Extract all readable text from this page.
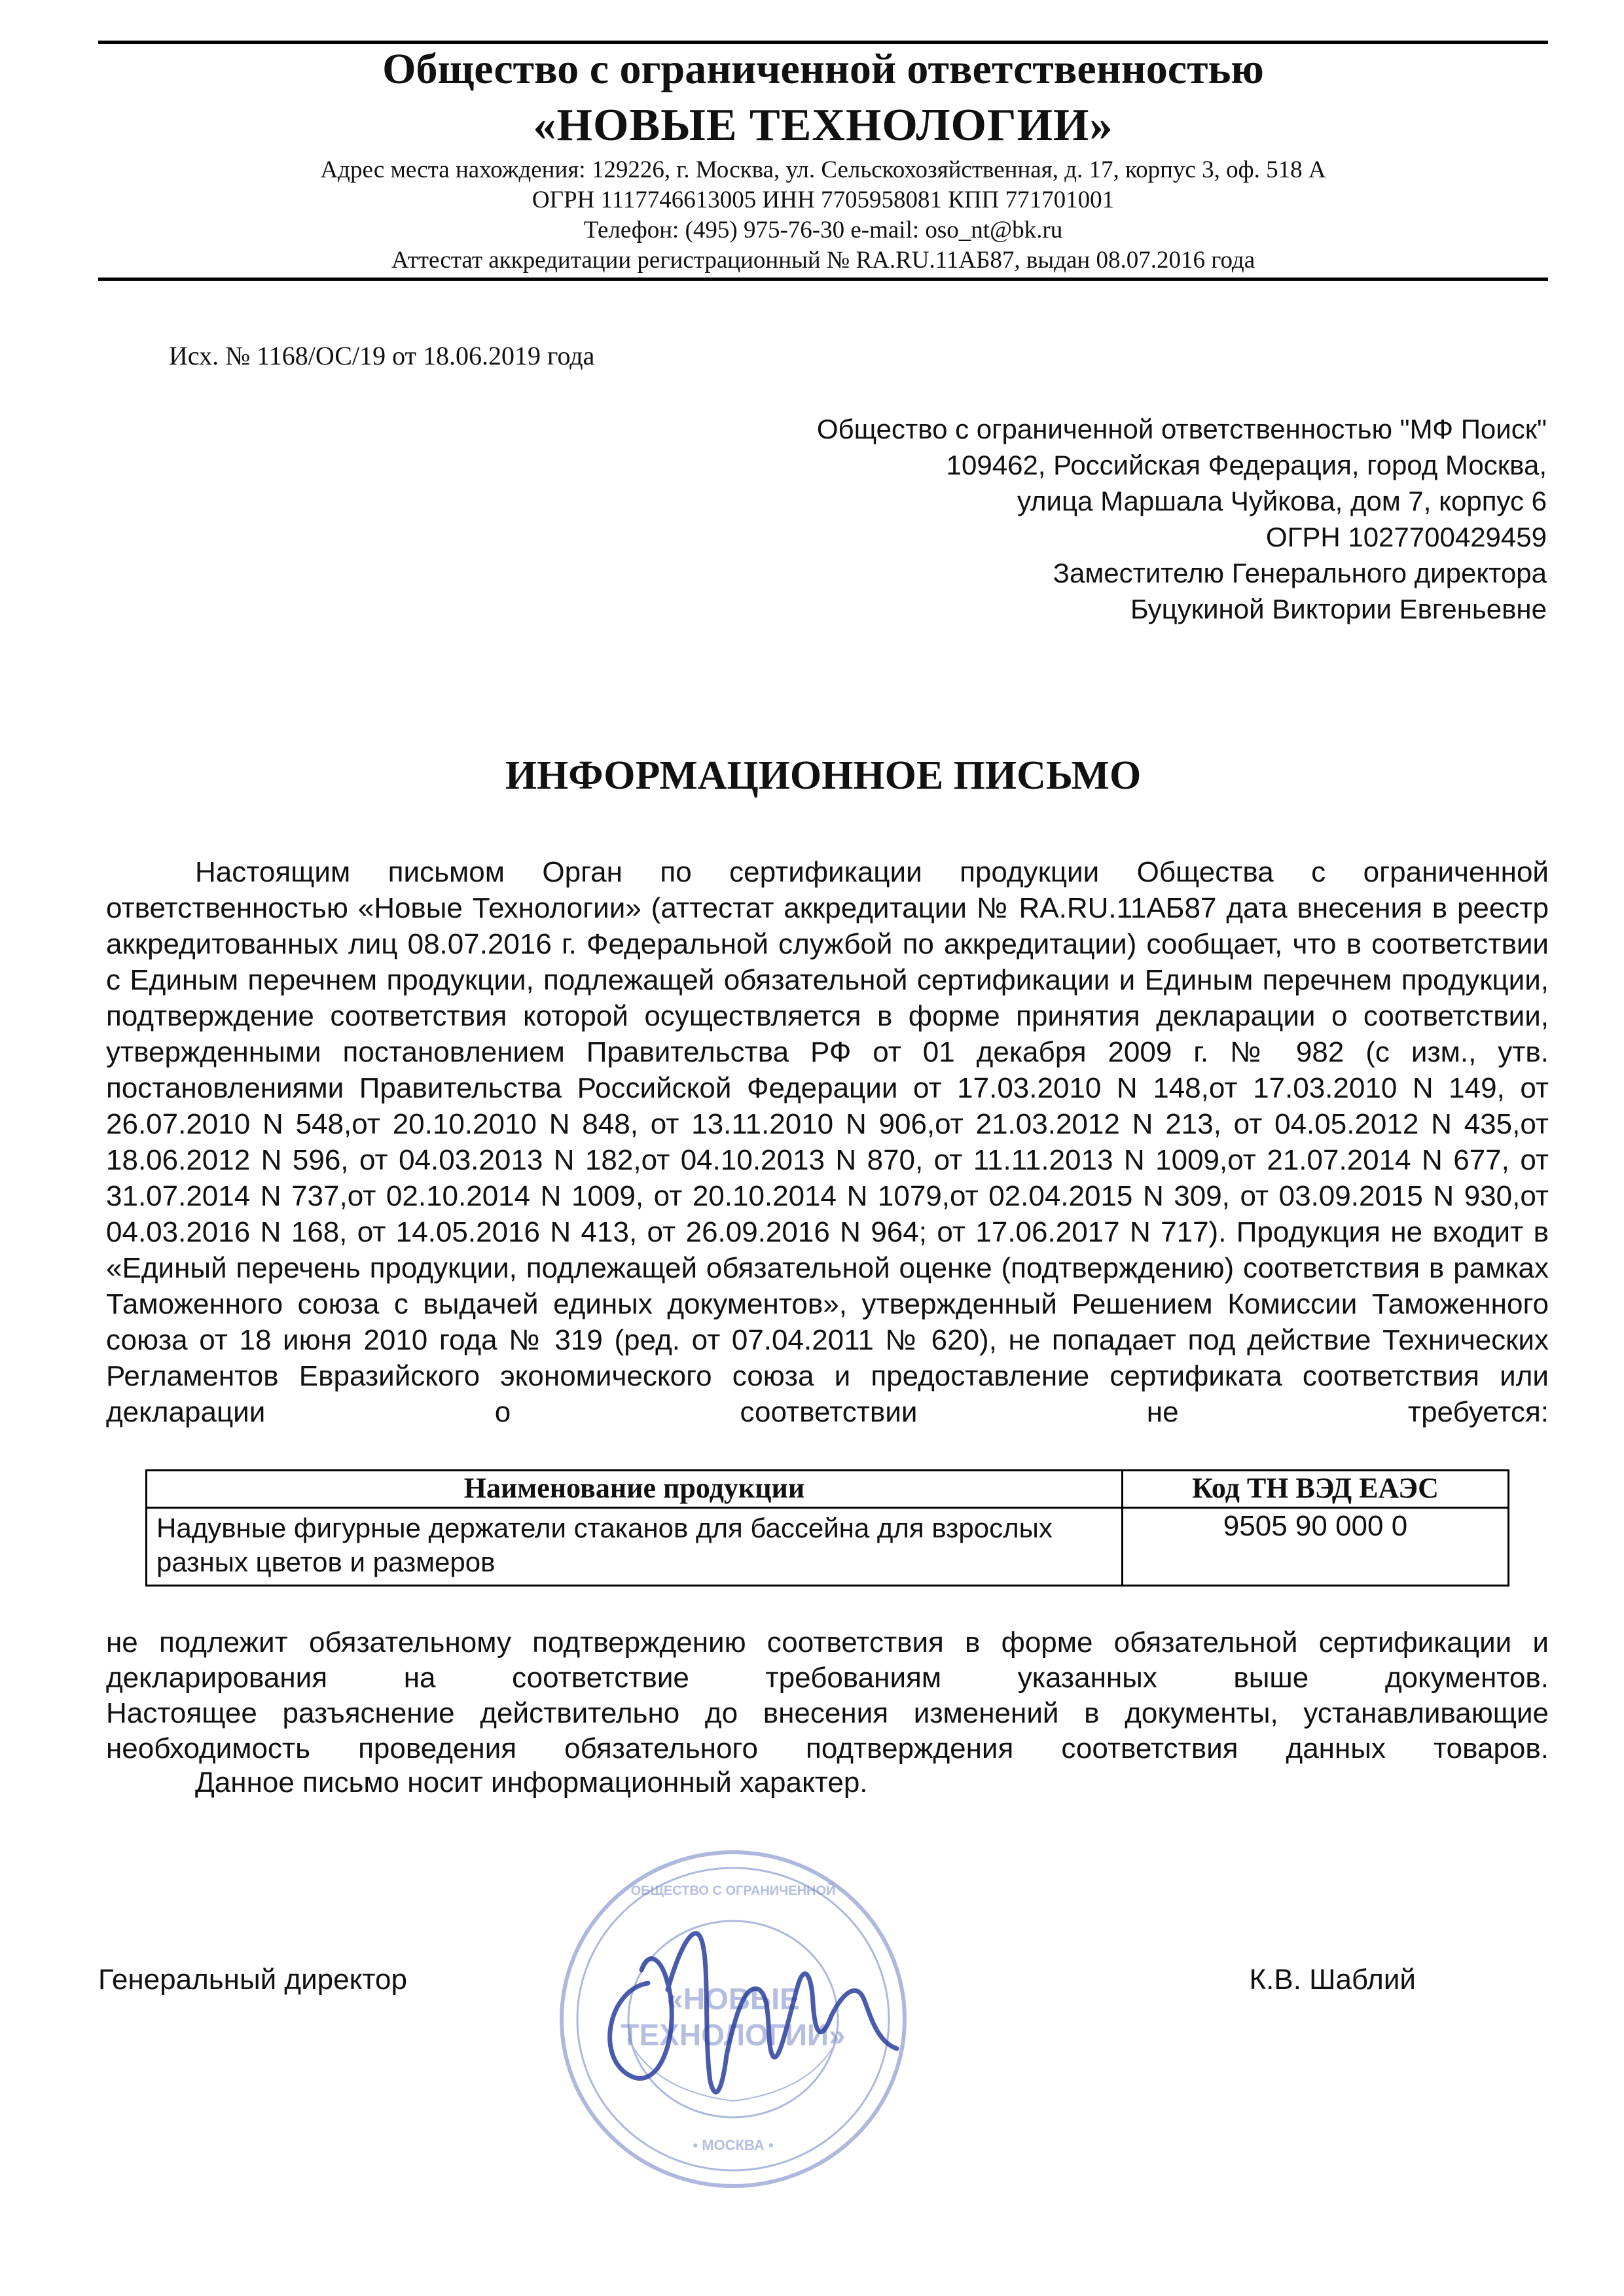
Общество с ограниченной ответственностью
«НОВЫЕ ТЕХНОЛОГИИ»
Адрес места нахождения: 129226, г. Москва, ул. Сельскохозяйственная, д. 17, корпус 3, оф. 518 А
ОГРН 1117746613005 ИНН 7705958081 КПП 771701001
Телефон: (495) 975-76-30 e-mail: oso_nt@bk.ru
Аттестат аккредитации регистрационный № RA.RU.11АБ87, выдан 08.07.2016 года
Исх. № 1168/ОС/19 от 18.06.2019 года
Общество с ограниченной ответственностью "МФ Поиск"
109462, Российская Федерация, город Москва,
улица Маршала Чуйкова, дом 7, корпус 6
ОГРН 1027700429459
Заместителю Генерального директора
Буцукиной Виктории Евгеньевне
ИНФОРМАЦИОННОЕ ПИСЬМО

Настоящим письмом Орган по сертификации продукции Общества с ограниченной ответственностью «Новые Технологии» (аттестат аккредитации № RA.RU.11АБ87 дата внесения в реестр аккредитованных лиц 08.07.2016 г. Федеральной службой по аккредитации) сообщает, что в соответствии с Единым перечнем продукции, подлежащей обязательной сертификации и Единым перечнем продукции, подтверждение соответствия которой осуществляется в форме принятия декларации о соответствии, утвержденными постановлением Правительства РФ от 01 декабря 2009 г. № 982 (с изм., утв. постановлениями Правительства Российской Федерации от 17.03.2010 N 148,от 17.03.2010 N 149, от 26.07.2010 N 548,от 20.10.2010 N 848, от 13.11.2010 N 906,от 21.03.2012 N 213, от 04.05.2012 N 435,от 18.06.2012 N 596, от 04.03.2013 N 182,от 04.10.2013 N 870, от 11.11.2013 N 1009,от 21.07.2014 N 677, от 31.07.2014 N 737,от 02.10.2014 N 1009, от 20.10.2014 N 1079,от 02.04.2015 N 309, от 03.09.2015 N 930,от 04.03.2016 N 168, от 14.05.2016 N 413, от 26.09.2016 N 964; от 17.06.2017 N 717). Продукция не входит в «Единый перечень продукции, подлежащей обязательной оценке (подтверждению) соответствия в рамках Таможенного союза с выдачей единых документов», утвержденный Решением Комиссии Таможенного союза от 18 июня 2010 года № 319 (ред. от 07.04.2011 № 620), не попадает под действие Технических Регламентов Евразийского экономического союза и предоставление сертификата соответствия или декларации о соответствии не требуется:

Наименование продукции	Код ТН ВЭД ЕАЭС
Надувные фигурные держатели стаканов для бассейна для взрослых разных цветов и размеров	9505 90 000 0

не подлежит обязательному подтверждению соответствия в форме обязательной сертификации и декларирования на соответствие требованиям указанных выше документов.

Настоящее разъяснение действительно до внесения изменений в документы, устанавливающие необходимость проведения обязательного подтверждения соответствия данных товаров.

Данное письмо носит информационный характер.

Генеральный директор	К.В. Шаблий
«НОВЫЕ
ТЕХНОЛОГИИ»
• МОСКВА •
ОБЩЕСТВО С ОГРАНИЧЕННОЙ
